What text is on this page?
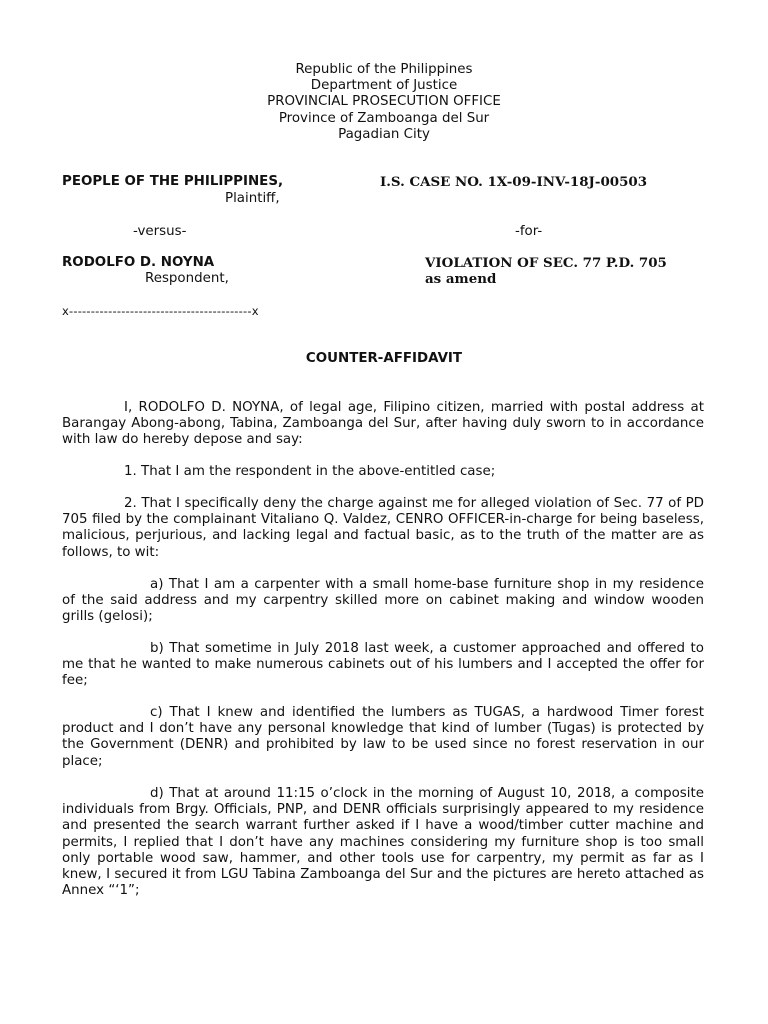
Republic of the Philippines
Department of Justice
PROVINCIAL PROSECUTION OFFICE
Province of Zamboanga del Sur
Pagadian City
PEOPLE OF THE PHILIPPINES,
Plaintiff,
I.S. CASE NO. 1X-09-INV-18J-00503
-versus-	-for-
RODOLFO D. NOYNA
Respondent,
VIOLATION OF SEC. 77 P.D. 705
as amend
x------------------------------------------x
COUNTER-AFFIDAVIT
I, RODOLFO D. NOYNA, of legal age, Filipino citizen, married with postal address at Barangay Abong-abong, Tabina, Zamboanga del Sur, after having duly sworn to in accordance with law do hereby depose and say:
1. That I am the respondent in the above-entitled case;
2. That I specifically deny the charge against me for alleged violation of Sec. 77 of PD 705 filed by the complainant Vitaliano Q. Valdez, CENRO OFFICER-in-charge for being baseless, malicious, perjurious, and lacking legal and factual basic, as to the truth of the matter are as follows, to wit:
a) That I am a carpenter with a small home-base furniture shop in my residence of the said address and my carpentry skilled more on cabinet making and window wooden grills (gelosi);
b) That sometime in July 2018 last week, a customer approached and offered to me that he wanted to make numerous cabinets out of his lumbers and I accepted the offer for fee;
c) That I knew and identified the lumbers as TUGAS, a hardwood Timer forest product and I don’t have any personal knowledge that kind of lumber (Tugas) is protected by the Government (DENR) and prohibited by law to be used since no forest reservation in our place;
d) That at around 11:15 o’clock in the morning of August 10, 2018, a composite individuals from Brgy. Officials, PNP, and DENR officials surprisingly appeared to my residence and presented the search warrant further asked if I have a wood/timber cutter machine and permits, I replied that I don’t have any machines considering my furniture shop is too small only portable wood saw, hammer, and other tools use for carpentry, my permit as far as I knew, I secured it from LGU Tabina Zamboanga del Sur and the pictures are hereto attached as Annex “‘1”;
